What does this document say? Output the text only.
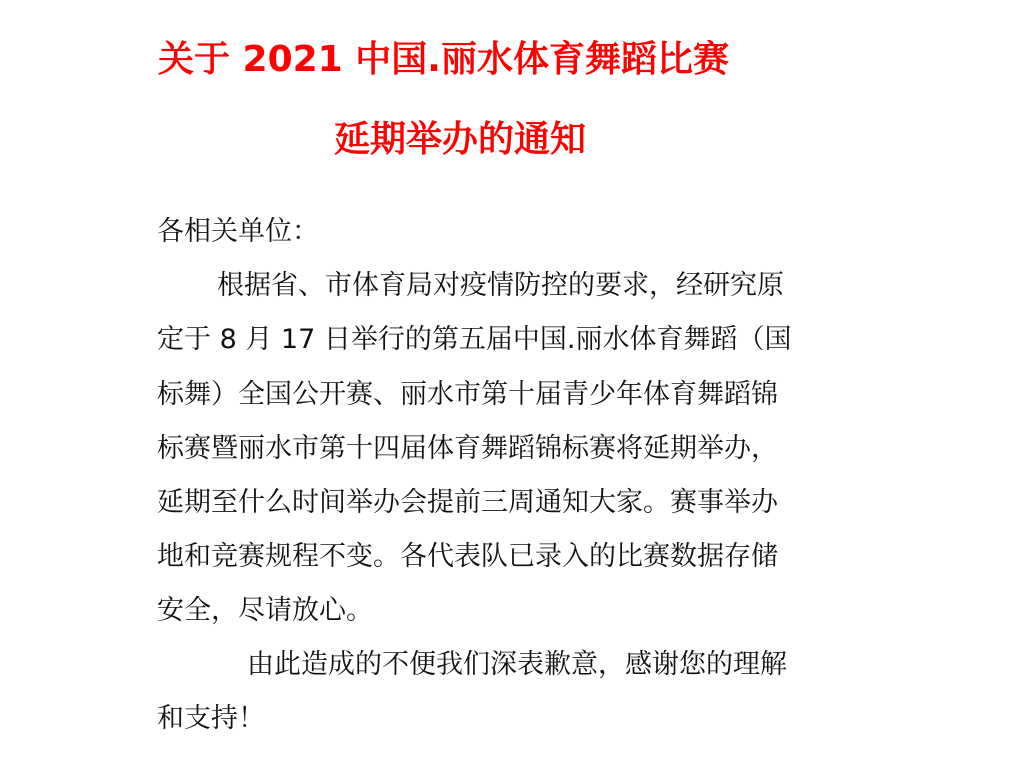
关于 2021 中国.丽水体育舞蹈比赛
延期举办的通知
各相关单位：
根据省、市体育局对疫情防控的要求，经研究原
定于 8 月 17 日举行的第五届中国.丽水体育舞蹈（国
标舞）全国公开赛、丽水市第十届青少年体育舞蹈锦
标赛暨丽水市第十四届体育舞蹈锦标赛将延期举办，
延期至什么时间举办会提前三周通知大家。赛事举办
地和竞赛规程不变。各代表队已录入的比赛数据存储
安全，尽请放心。
由此造成的不便我们深表歉意，感谢您的理解
和支持！
